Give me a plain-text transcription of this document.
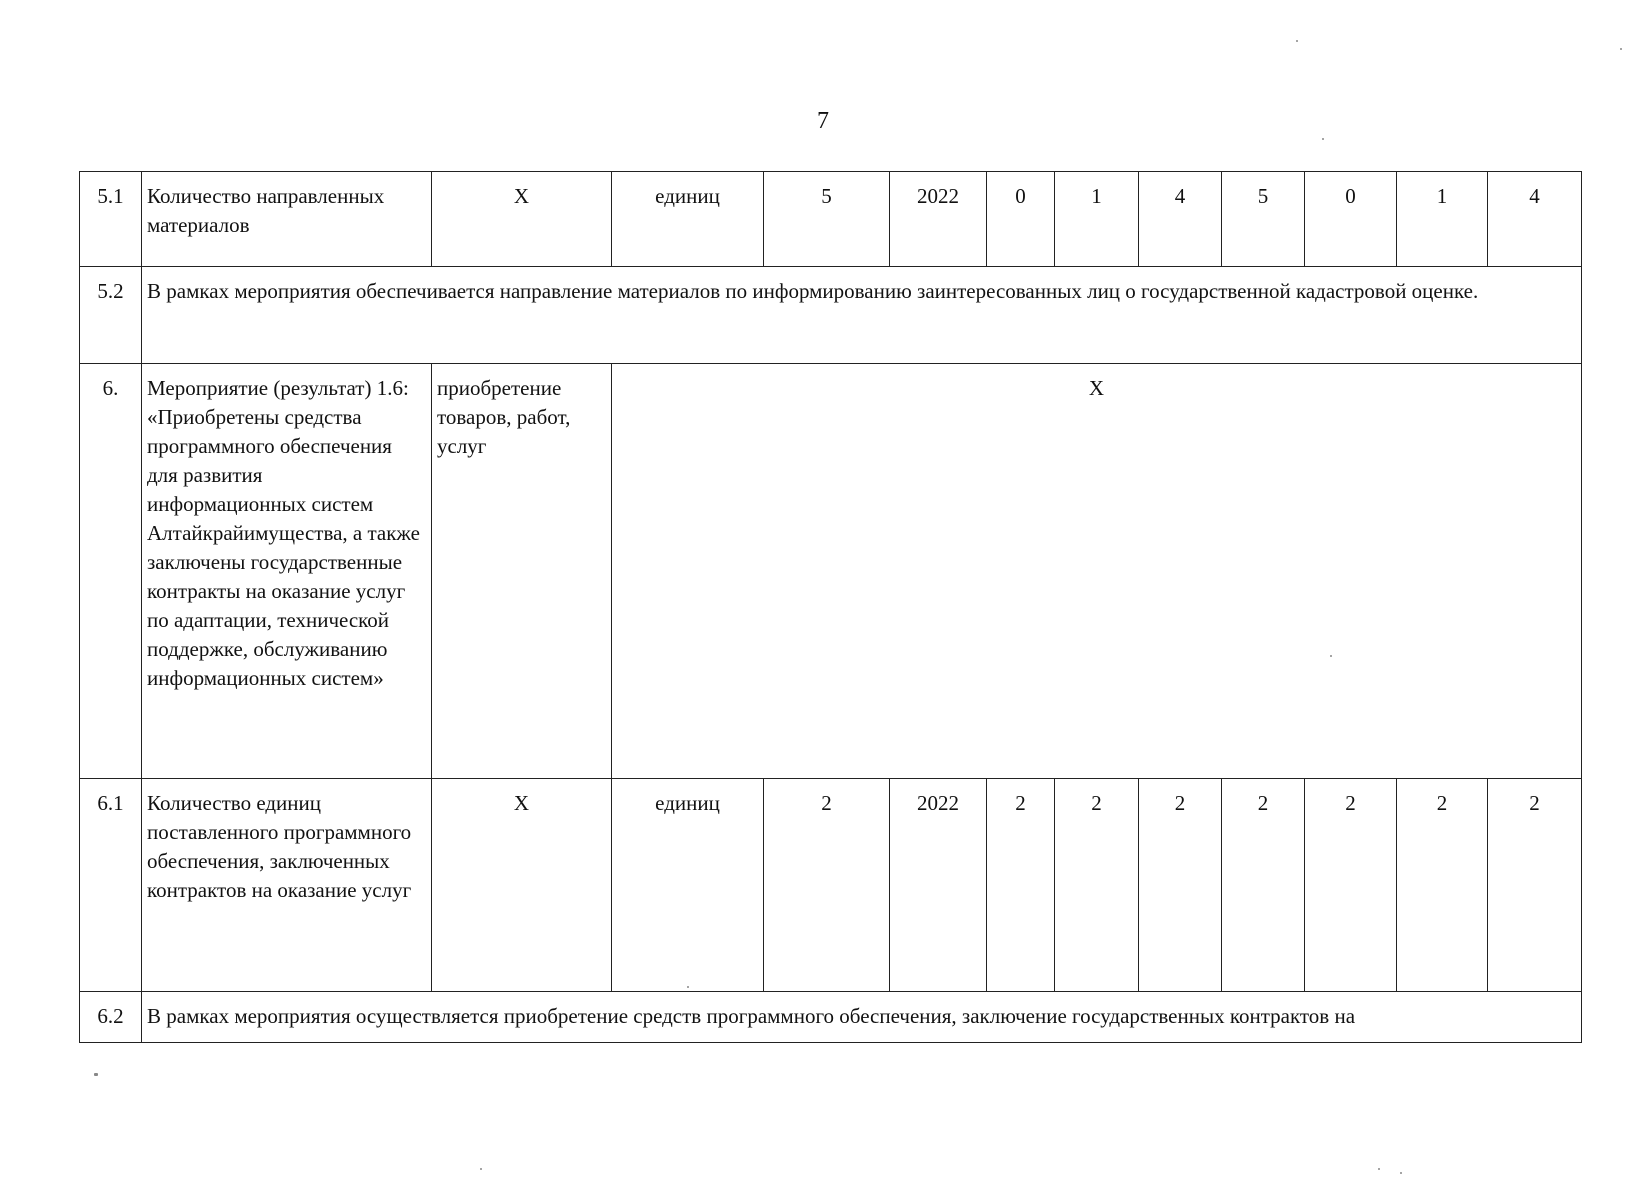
7
5.1	Количество направленных материалов	X	единиц	5	2022	0	1	4	5	0	1	4
5.2	В рамках мероприятия обеспечивается направление материалов по информированию заинтересованных лиц о государственной кадастровой оценке.											
6.	Мероприятие (результат) 1.6: «Приобретены средства программного обеспечения для развития информационных систем Алтайкрайимущества, а также заключены государственные контракты на оказание услуг по адаптации, технической поддержке, обслуживанию информационных систем»	приобретение товаров, работ, услуг	X									
6.1	Количество единиц поставленного программного обеспечения, заключенных контрактов на оказание услуг	X	единиц	2	2022	2	2	2	2	2	2	2
6.2	В рамках мероприятия осуществляется приобретение средств программного обеспечения, заключение государственных контрактов на											
